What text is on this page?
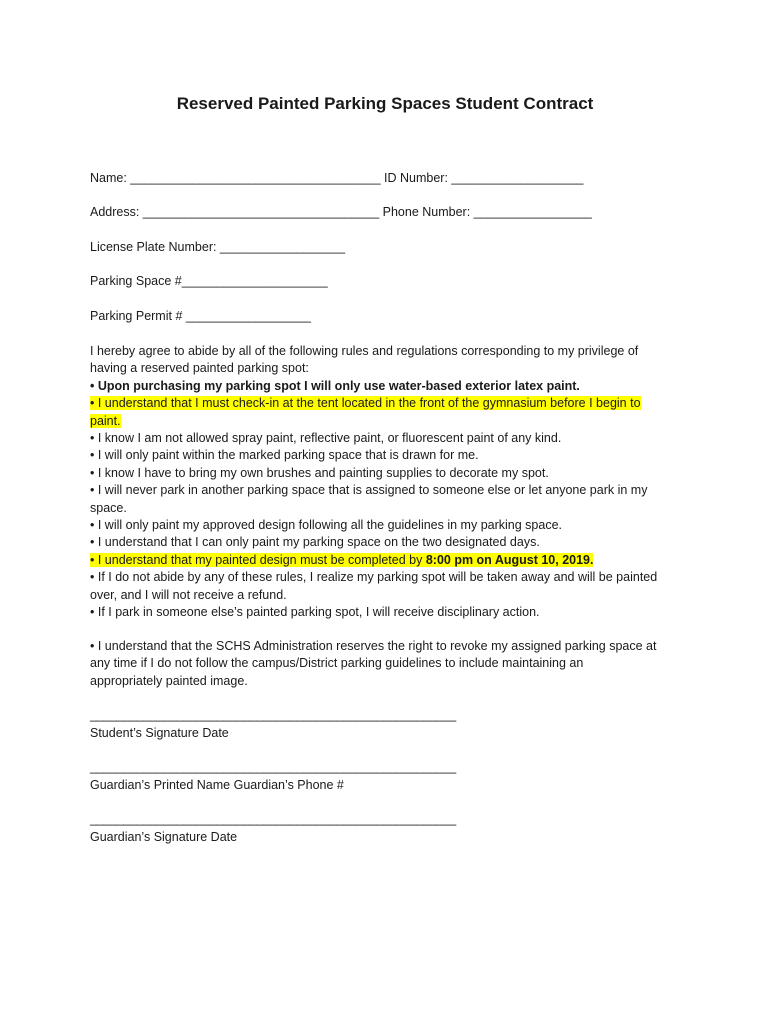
Reserved Painted Parking Spaces Student Contract
Name: ____________________________________ ID Number: ___________________
Address: __________________________________ Phone Number: _________________
License Plate Number: __________________
Parking Space #_____________________
Parking Permit # __________________
I hereby agree to abide by all of the following rules and regulations corresponding to my privilege of
having a reserved painted parking spot:
• Upon purchasing my parking spot I will only use water-based exterior latex paint.
• I understand that I must check-in at the tent located in the front of the gymnasium before I begin to
paint.
• I know I am not allowed spray paint, reflective paint, or fluorescent paint of any kind.
• I will only paint within the marked parking space that is drawn for me.
• I know I have to bring my own brushes and painting supplies to decorate my spot.
• I will never park in another parking space that is assigned to someone else or let anyone park in my
space.
• I will only paint my approved design following all the guidelines in my parking space.
• I understand that I can only paint my parking space on the two designated days.
• I understand that my painted design must be completed by 8:00 pm on August 10, 2019.
• If I do not abide by any of these rules, I realize my parking spot will be taken away and will be painted
over, and I will not receive a refund.
• If I park in someone else’s painted parking spot, I will receive disciplinary action.
• I understand that the SCHS Administration reserves the right to revoke my assigned parking space at
any time if I do not follow the campus/District parking guidelines to include maintaining an
appropriately painted image.
_______________________________________________________
Student’s Signature Date
_______________________________________________________
Guardian’s Printed Name Guardian’s Phone #
_______________________________________________________
Guardian’s Signature Date
